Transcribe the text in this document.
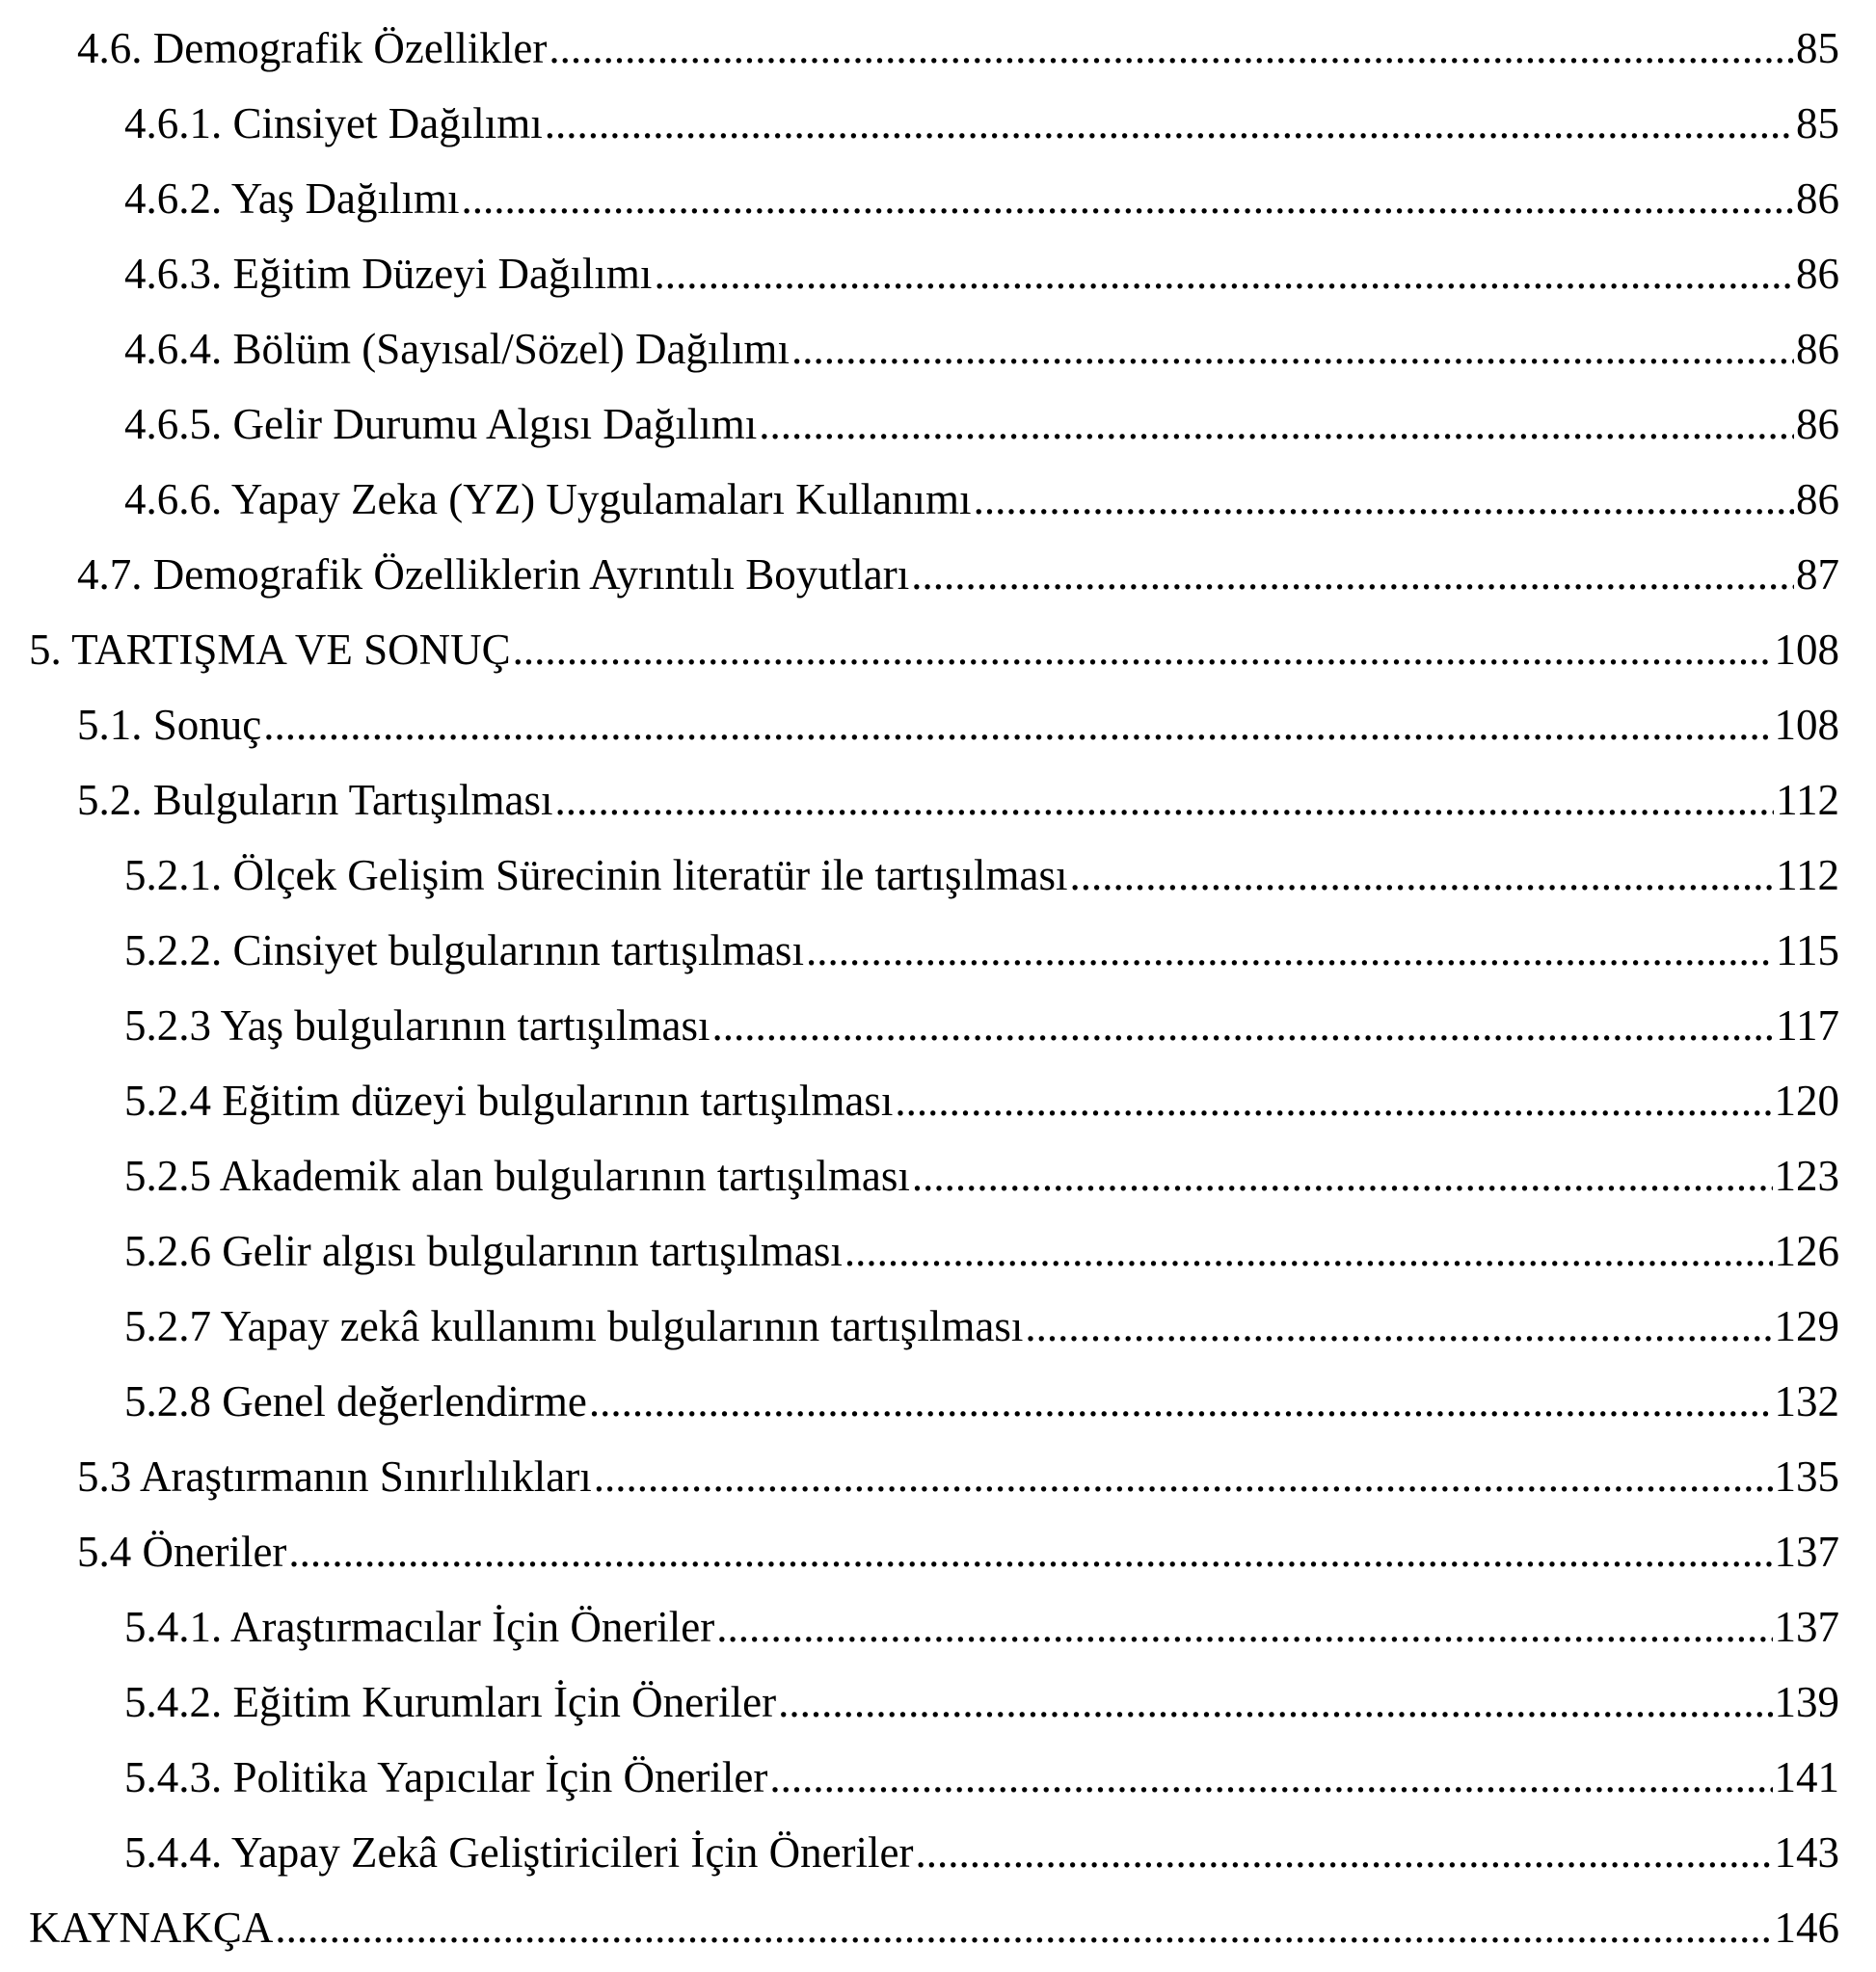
4.6. Demografik Özellikler .....	85
4.6.1. Cinsiyet Dağılımı .....	85
4.6.2. Yaş Dağılımı .....	86
4.6.3. Eğitim Düzeyi Dağılımı .....	86
4.6.4. Bölüm (Sayısal/Sözel) Dağılımı .....	86
4.6.5. Gelir Durumu Algısı Dağılımı .....	86
4.6.6. Yapay Zeka (YZ) Uygulamaları Kullanımı .....	86
4.7. Demografik Özelliklerin Ayrıntılı Boyutları .....	87
5. TARTIŞMA VE SONUÇ .....	108
5.1. Sonuç .....	108
5.2. Bulguların Tartışılması .....	112
5.2.1. Ölçek Gelişim Sürecinin literatür ile tartışılması .....	112
5.2.2. Cinsiyet bulgularının tartışılması .....	115
5.2.3 Yaş bulgularının tartışılması .....	117
5.2.4 Eğitim düzeyi bulgularının tartışılması .....	120
5.2.5 Akademik alan bulgularının tartışılması .....	123
5.2.6 Gelir algısı bulgularının tartışılması .....	126
5.2.7 Yapay zekâ kullanımı bulgularının tartışılması .....	129
5.2.8 Genel değerlendirme .....	132
5.3 Araştırmanın Sınırlılıkları .....	135
5.4 Öneriler .....	137
5.4.1. Araştırmacılar İçin Öneriler .....	137
5.4.2. Eğitim Kurumları İçin Öneriler .....	139
5.4.3. Politika Yapıcılar İçin Öneriler .....	141
5.4.4. Yapay Zekâ Geliştiricileri İçin Öneriler .....	143
KAYNAKÇA .....	146
